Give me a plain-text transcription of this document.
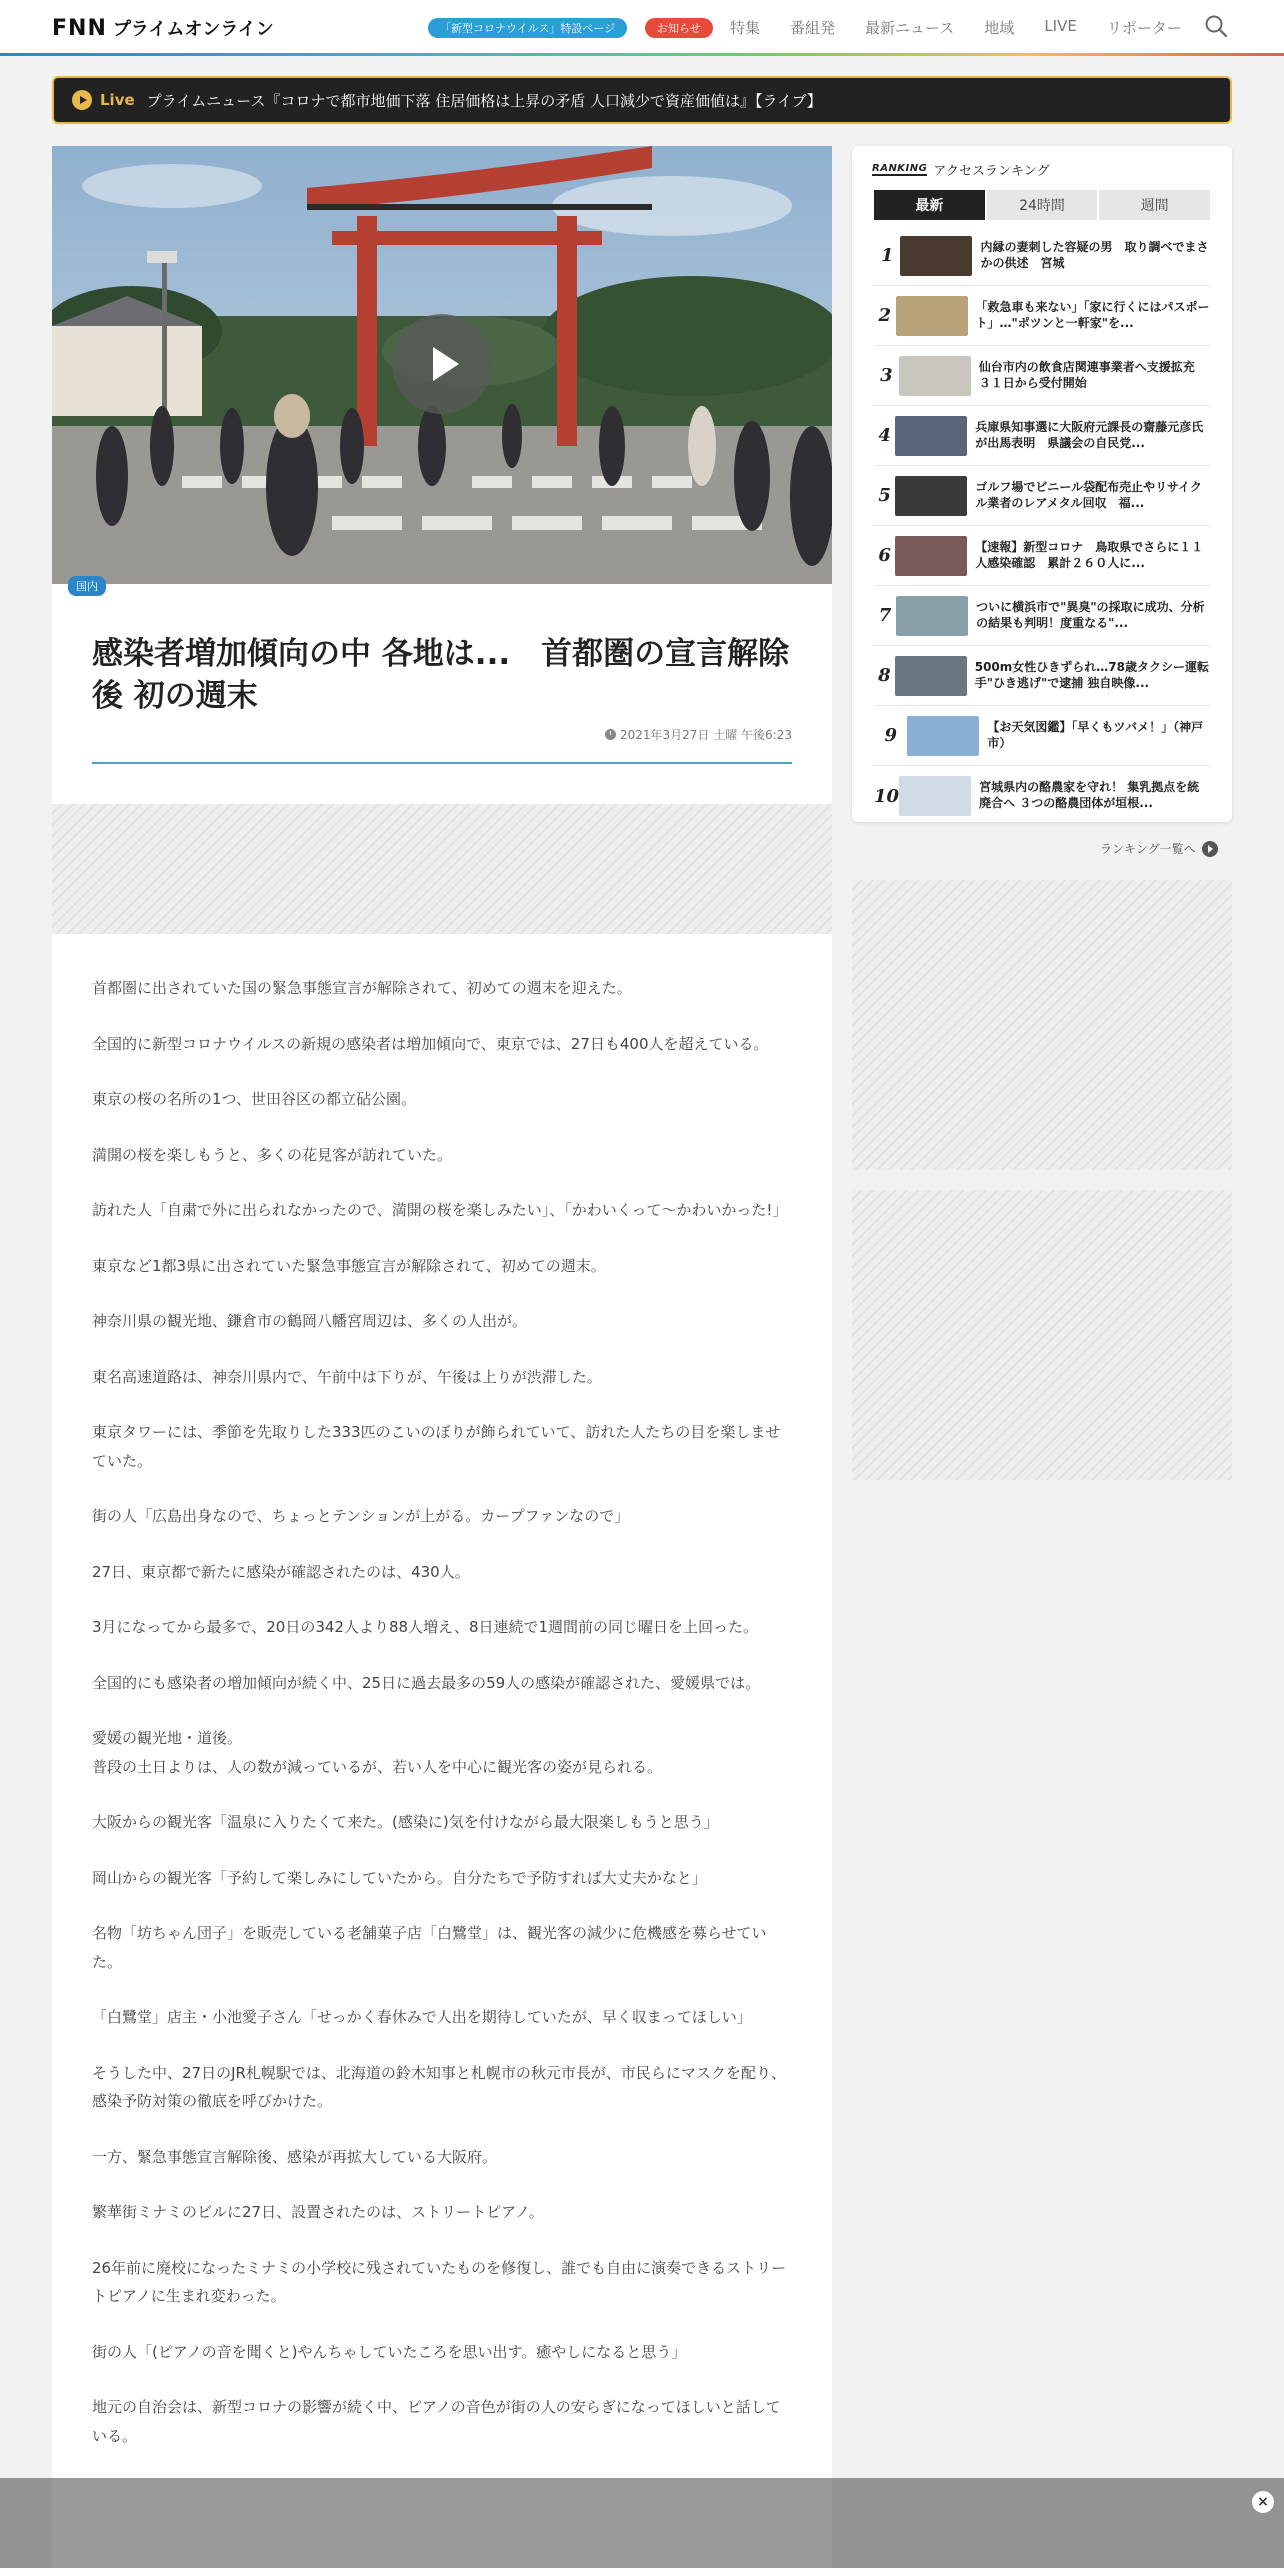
FNN プライムオンライン	「新型コロナウイルス」特設ページ	お知らせ	特集 番組発 最新ニュース 地域 LIVE リポーター
Live プライムニュース『コロナで都市地価下落 住居価格は上昇の矛盾 人口減少で資産価値は』【ライブ】
国内
感染者増加傾向の中 各地は...　首都圏の宣言解除後 初の週末
2021年3月27日 土曜 午後6:23

首都圏に出されていた国の緊急事態宣言が解除されて、初めての週末を迎えた。

全国的に新型コロナウイルスの新規の感染者は増加傾向で、東京では、27日も400人を超えている。

東京の桜の名所の1つ、世田谷区の都立砧公園。

満開の桜を楽しもうと、多くの花見客が訪れていた。

訪れた人「自粛で外に出られなかったので、満開の桜を楽しみたい」、「かわいくって～かわいかった!」

東京など1都3県に出されていた緊急事態宣言が解除されて、初めての週末。

神奈川県の観光地、鎌倉市の鶴岡八幡宮周辺は、多くの人出が。

東名高速道路は、神奈川県内で、午前中は下りが、午後は上りが渋滞した。

東京タワーには、季節を先取りした333匹のこいのぼりが飾られていて、訪れた人たちの目を楽しませていた。

街の人「広島出身なので、ちょっとテンションが上がる。カープファンなので」

27日、東京都で新たに感染が確認されたのは、430人。

3月になってから最多で、20日の342人より88人増え、8日連続で1週間前の同じ曜日を上回った。

全国的にも感染者の増加傾向が続く中、25日に過去最多の59人の感染が確認された、愛媛県では。

愛媛の観光地・道後。
普段の土日よりは、人の数が減っているが、若い人を中心に観光客の姿が見られる。

大阪からの観光客「温泉に入りたくて来た。(感染に)気を付けながら最大限楽しもうと思う」

岡山からの観光客「予約して楽しみにしていたから。自分たちで予防すれば大丈夫かなと」

名物「坊ちゃん団子」を販売している老舗菓子店「白鷺堂」は、観光客の減少に危機感を募らせていた。

「白鷺堂」店主・小池愛子さん「せっかく春休みで人出を期待していたが、早く収まってほしい」

そうした中、27日のJR札幌駅では、北海道の鈴木知事と札幌市の秋元市長が、市民らにマスクを配り、感染予防対策の徹底を呼びかけた。

一方、緊急事態宣言解除後、感染が再拡大している大阪府。

繁華街ミナミのビルに27日、設置されたのは、ストリートピアノ。

26年前に廃校になったミナミの小学校に残されていたものを修復し、誰でも自由に演奏できるストリートピアノに生まれ変わった。

街の人「(ピアノの音を聞くと)やんちゃしていたころを思い出す。癒やしになると思う」

地元の自治会は、新型コロナの影響が続く中、ピアノの音色が街の人の安らぎになってほしいと話している。

RANKING アクセスランキング
最新	24時間	週間
1	内縁の妻刺した容疑の男　取り調べでまさかの供述　宮城
2	「救急車も来ない」「家に行くにはパスポート」…"ポツンと一軒家"を...
3	仙台市内の飲食店関連事業者へ支援拡充　３１日から受付開始
4	兵庫県知事選に大阪府元課長の齋藤元彦氏が出馬表明　県議会の自民党...
5	ゴルフ場でビニール袋配布売止やリサイクル業者のレアメタル回収　福...
6	【速報】新型コロナ　鳥取県でさらに１１人感染確認　累計２６０人に...
7	ついに横浜市で"異臭"の採取に成功、分析の結果も判明！度重なる"...
8	500m女性ひきずられ…78歳タクシー運転手"ひき逃げ"で逮捕 独自映像...
9	【お天気図鑑】「早くもツバメ！」（神戸市）
10	宮城県内の酪農家を守れ！ 集乳拠点を統廃合へ ３つの酪農団体が垣根...
ランキング一覧へ
×
